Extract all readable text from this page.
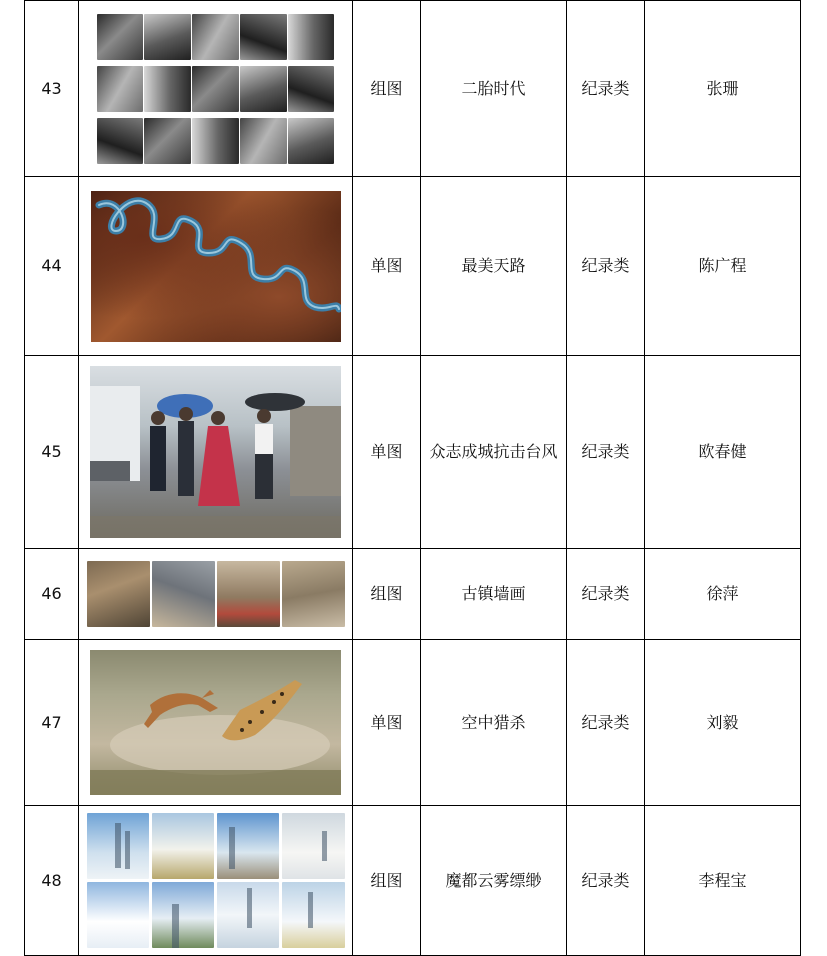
43		组图	二胎时代	纪录类	张珊
44		单图	最美天路	纪录类	陈广程
45		单图	众志成城抗击台风	纪录类	欧春健
46		组图	古镇墙画	纪录类	徐萍
47		单图	空中猎杀	纪录类	刘毅
48		组图	魔都云雾缥缈	纪录类	李程宝
